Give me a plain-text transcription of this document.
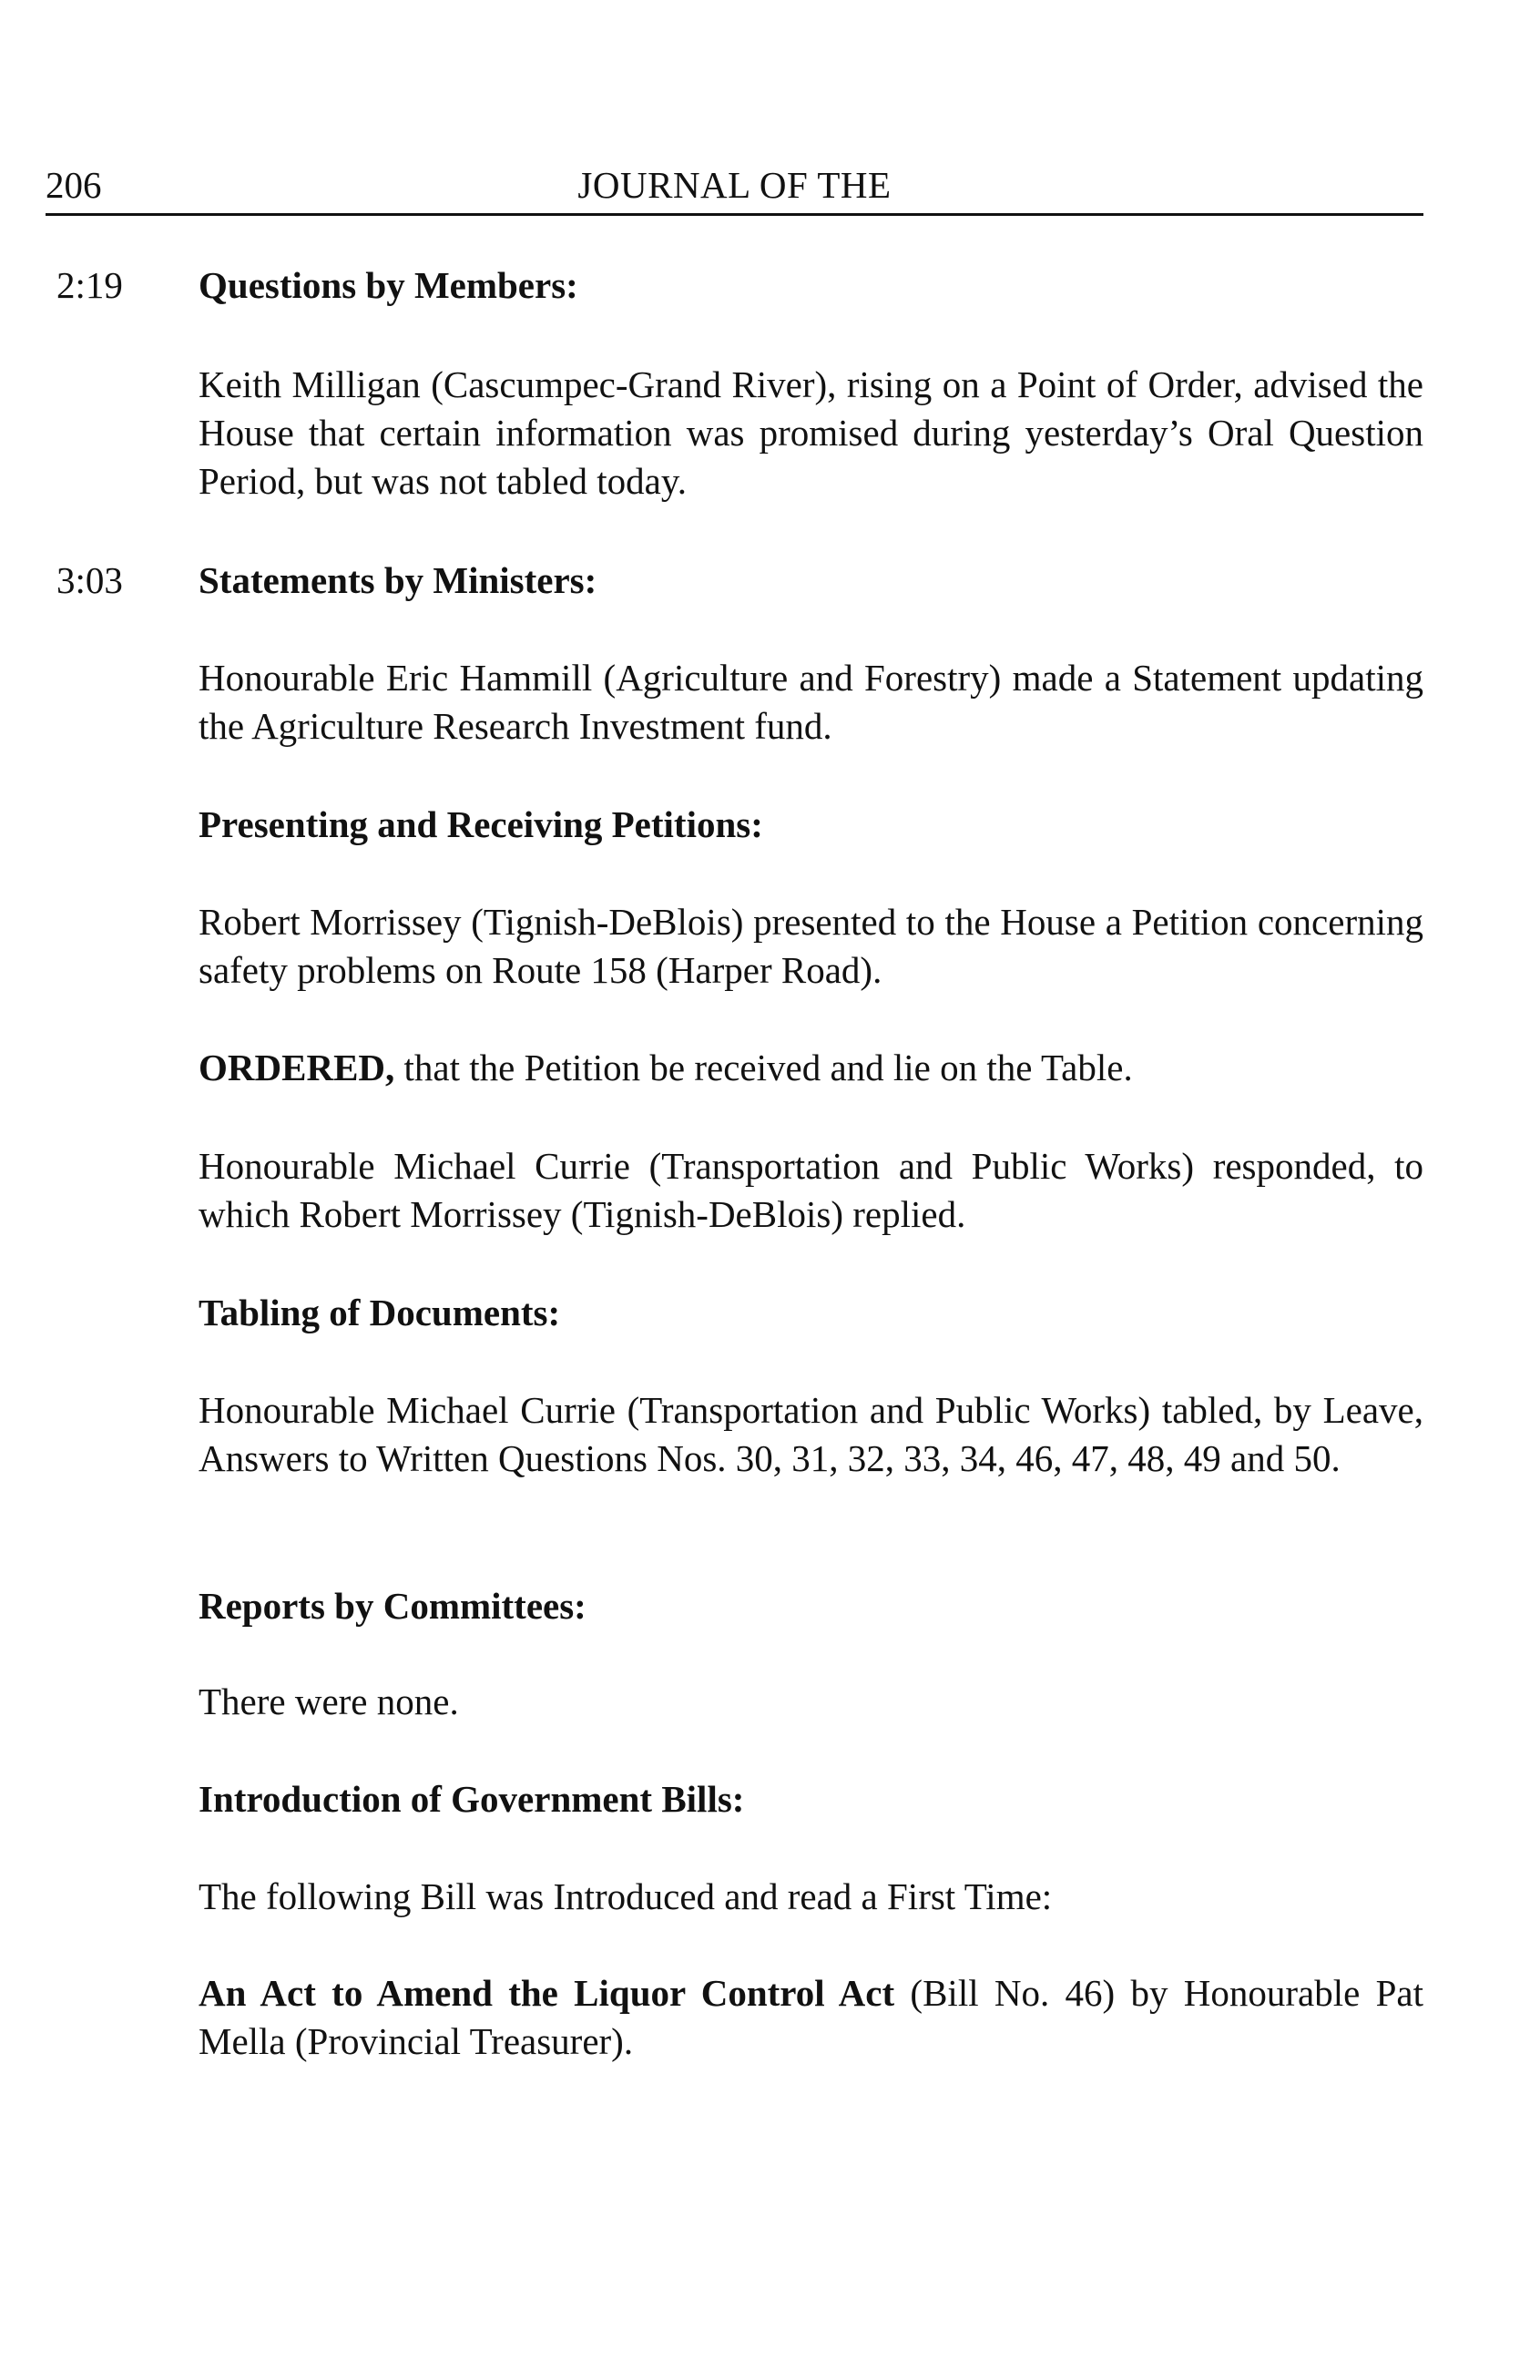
206	JOURNAL OF THE
2:19 Questions by Members:
Keith Milligan (Cascumpec-Grand River), rising on a Point of Order, advised the House that certain information was promised during yesterday’s Oral Question Period, but was not tabled today.
3:03 Statements by Ministers:
Honourable Eric Hammill (Agriculture and Forestry) made a Statement updating the Agriculture Research Investment fund.
Presenting and Receiving Petitions:
Robert Morrissey (Tignish-DeBlois) presented to the House a Petition concerning safety problems on Route 158 (Harper Road).
ORDERED, that the Petition be received and lie on the Table.
Honourable Michael Currie (Transportation and Public Works) responded, to which Robert Morrissey (Tignish-DeBlois) replied.
Tabling of Documents:
Honourable Michael Currie (Transportation and Public Works) tabled, by Leave, Answers to Written Questions Nos. 30, 31, 32, 33, 34, 46, 47, 48, 49 and 50.
Reports by Committees:
There were none.
Introduction of Government Bills:
The following Bill was Introduced and read a First Time:
An Act to Amend the Liquor Control Act (Bill No. 46) by Honourable Pat Mella (Provincial Treasurer).
